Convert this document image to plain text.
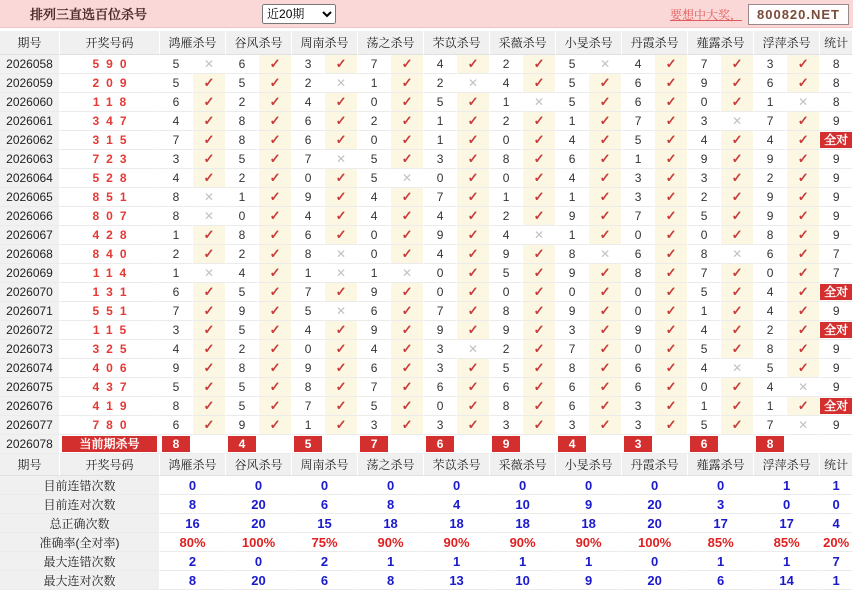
排列三直选百位杀号
近20期	要想中大奖，	800820.NET
期号	开奖号码	鸿雁杀号		谷风杀号		周南杀号		荡之杀号		芣苡杀号		采薇杀号		小旻杀号		丹霞杀号		薤露杀号		浮萍杀号		统计
2026058	590	5	✕	6	✓	3	✓	7	✓	4	✓	2	✓	5	✕	4	✓	7	✓	3	✓	8
2026059	209	5	✓	5	✓	2	✕	1	✓	2	✕	4	✓	5	✓	6	✓	9	✓	6	✓	8
2026060	118	6	✓	2	✓	4	✓	0	✓	5	✓	1	✕	5	✓	6	✓	0	✓	1	✕	8
2026061	347	4	✓	8	✓	6	✓	2	✓	1	✓	2	✓	1	✓	7	✓	3	✕	7	✓	9
2026062	315	7	✓	8	✓	6	✓	0	✓	1	✓	0	✓	4	✓	5	✓	4	✓	4	✓	全对

2026063	723	3	✓	5	✓	7	✕	5	✓	3	✓	8	✓	6	✓	1	✓	9	✓	9	✓	9
2026064	528	4	✓	2	✓	0	✓	5	✕	0	✓	0	✓	4	✓	3	✓	3	✓	2	✓	9
2026065	851	8	✕	1	✓	9	✓	4	✓	7	✓	1	✓	1	✓	3	✓	2	✓	9	✓	9
2026066	807	8	✕	0	✓	4	✓	4	✓	4	✓	2	✓	9	✓	7	✓	5	✓	9	✓	9
2026067	428	1	✓	8	✓	6	✓	0	✓	9	✓	4	✕	1	✓	0	✓	0	✓	8	✓	9
2026068	840	2	✓	2	✓	8	✕	0	✓	4	✓	9	✓	8	✕	6	✓	8	✕	6	✓	7
2026069	114	1	✕	4	✓	1	✕	1	✕	0	✓	5	✓	9	✓	8	✓	7	✓	0	✓	7
2026070	131	6	✓	5	✓	7	✓	9	✓	0	✓	0	✓	0	✓	0	✓	5	✓	4	✓	全对

2026071	551	7	✓	9	✓	5	✕	6	✓	7	✓	8	✓	9	✓	0	✓	1	✓	4	✓	9
2026072	115	3	✓	5	✓	4	✓	9	✓	9	✓	9	✓	3	✓	9	✓	4	✓	2	✓	全对

2026073	325	4	✓	2	✓	0	✓	4	✓	3	✕	2	✓	7	✓	0	✓	5	✓	8	✓	9
2026074	406	9	✓	8	✓	9	✓	6	✓	3	✓	5	✓	8	✓	6	✓	4	✕	5	✓	9
2026075	437	5	✓	5	✓	8	✓	7	✓	6	✓	6	✓	6	✓	6	✓	0	✓	4	✕	9
2026076	419	8	✓	5	✓	7	✓	5	✓	0	✓	8	✓	6	✓	3	✓	1	✓	1	✓	全对

2026077	780	6	✓	9	✓	1	✓	3	✓	3	✓	3	✓	3	✓	3	✓	5	✓	7	✕	9
2026078	当前期杀号	8		4		5		7		6		9		4		3		6		8		

期号	开奖号码	鸿雁杀号	谷风杀号	周南杀号	荡之杀号	芣苡杀号	采薇杀号	小旻杀号	丹霞杀号	薤露杀号	浮萍杀号	统计
目前连错次数		0	0	0	0	0	0	0	0	0	1	1
目前连对次数		8	20	6	8	4	10	9	20	3	0	0
总正确次数		16	20	15	18	18	18	18	20	17	17	4
准确率(全对率)		80%	100%	75%	90%	90%	90%	90%	100%	85%	85%	20%
最大连错次数		2	0	2	1	1	1	1	0	1	1	7
最大连对次数		8	20	6	8	13	10	9	20	6	14	1
